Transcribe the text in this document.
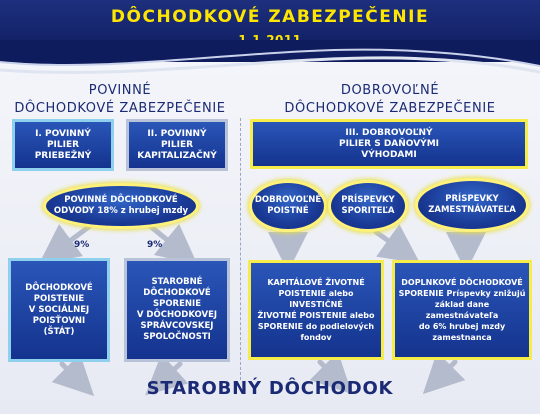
DÔCHODKOVÉ ZABEZPEČENIE
POVINNÉ
DÔCHODKOVÉ ZABEZPEČENIE
DOBROVOĽNÉ
DÔCHODKOVÉ ZABEZPEČENIE
I. POVINNÝ
PILIER
PRIEBEŽNÝ
II. POVINNÝ
PILIER
KAPITALIZAČNÝ
POVINNÉ DÔCHODKOVÉ
ODVODY 18% z hrubej mzdy
9%	9%
DÔCHODKOVÉ
POISTENIE
V SOCIÁLNEJ
POISŤOVNI
(ŠTÁT)
STAROBNÉ
DÔCHODKOVÉ
SPORENIE
V DÔCHODKOVEJ
SPRÁVCOVSKEJ
SPOLOČNOSTI
III. DOBROVOĽNÝ
PILIER S DAŇOVÝMI
VÝHODAMI
DOBROVOĽNÉ
POISTNÉ
PRÍSPEVKY
SPORITEĽA
PRÍSPEVKY
ZAMESTNÁVATEĽA
KAPITÁLOVÉ ŽIVOTNÉ
POISTENIE alebo
INVESTIČNÉ
ŽIVOTNÉ POISTENIE alebo
SPORENIE do podielových
fondov
DOPLNKOVÉ DÔCHODKOVÉ
SPORENIE Príspevky znižujú
základ dane zamestnávateľa
do 6% hrubej mzdy
zamestnanca
STAROBNÝ DÔCHODOK
